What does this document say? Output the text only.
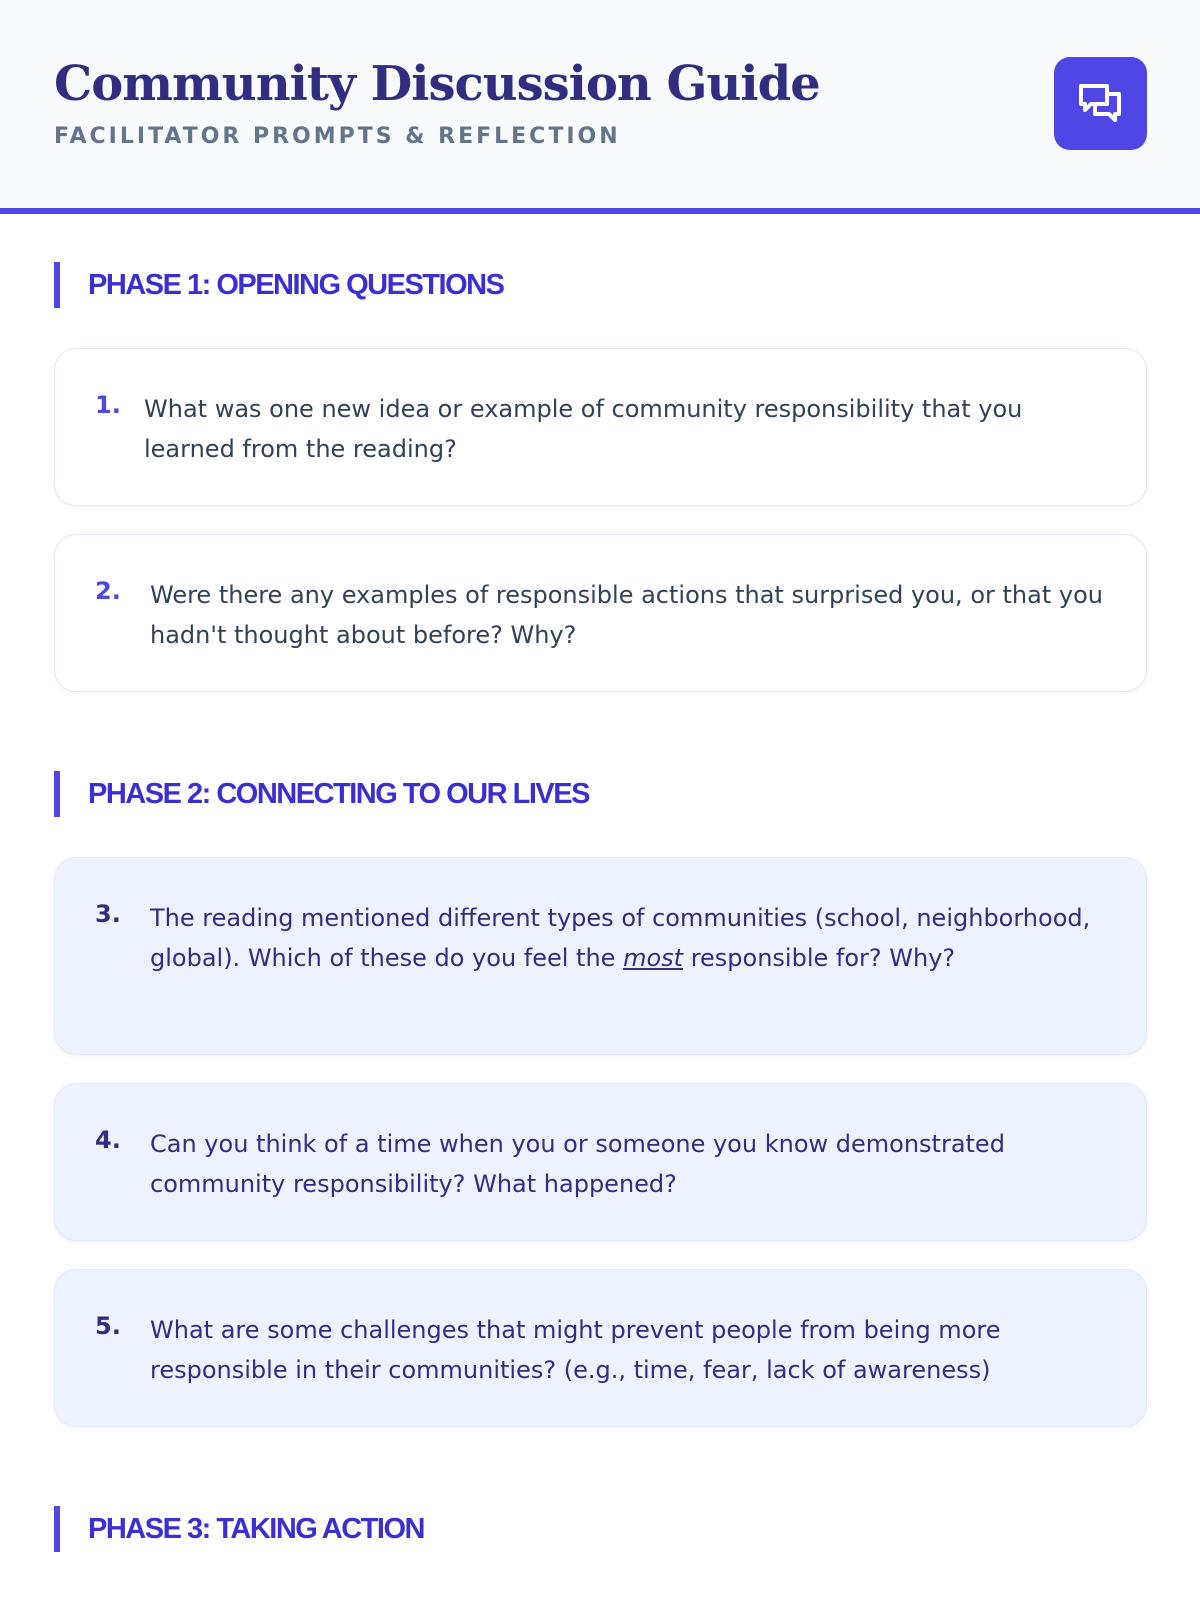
Community Discussion Guide
FACILITATOR PROMPTS & REFLECTION
PHASE 1: OPENING QUESTIONS
1. What was one new idea or example of community responsibility that you learned from the reading?

2. Were there any examples of responsible actions that surprised you, or that you hadn't thought about before? Why?

PHASE 2: CONNECTING TO OUR LIVES
3. The reading mentioned different types of communities (school, neighborhood, global). Which of these do you feel the most responsible for? Why?

4. Can you think of a time when you or someone you know demonstrated community responsibility? What happened?

5. What are some challenges that might prevent people from being more responsible in their communities? (e.g., time, fear, lack of awareness)

PHASE 3: TAKING ACTION
